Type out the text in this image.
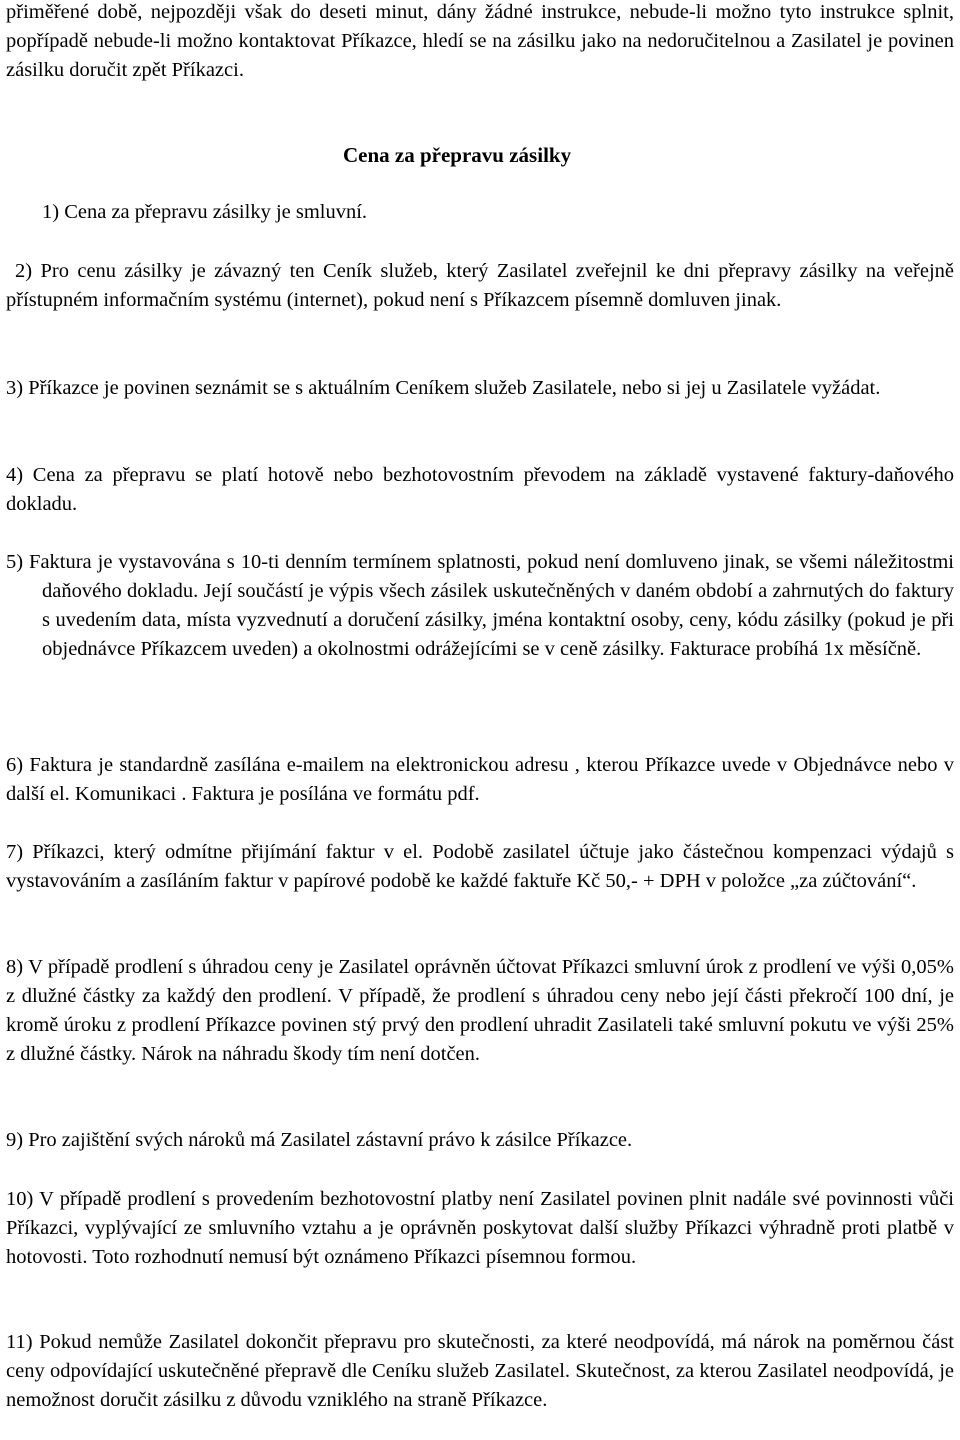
přiměřené době, nejpozději však do deseti minut, dány žádné instrukce, nebude-li možno tyto instrukce splnit, popřípadě nebude-li možno kontaktovat Příkazce, hledí se na zásilku jako na nedoručitelnou a Zasilatel je povinen zásilku doručit zpět Příkazci.

Cena za přepravu zásilky

1) Cena za přepravu zásilky je smluvní.

2) Pro cenu zásilky je závazný ten Ceník služeb, který Zasilatel zveřejnil ke dni přepravy zásilky na veřejně přístupném informačním systému (internet), pokud není s Příkazcem písemně domluven jinak.

3) Příkazce je povinen seznámit se s aktuálním Ceníkem služeb Zasilatele, nebo si jej u Zasilatele vyžádat.

4) Cena za přepravu se platí hotově nebo bezhotovostním převodem na základě vystavené faktury-daňového dokladu.

5) Faktura je vystavována s 10-ti denním termínem splatnosti, pokud není domluveno jinak, se všemi náležitostmi daňového dokladu. Její součástí je výpis všech zásilek uskutečněných v daném období a zahrnutých do faktury s uvedením data, místa vyzvednutí a doručení zásilky, jména kontaktní osoby, ceny, kódu zásilky (pokud je při objednávce Příkazcem uveden) a okolnostmi odrážejícími se v ceně zásilky. Fakturace probíhá 1x měsíčně.

6) Faktura je standardně zasílána e-mailem na elektronickou adresu , kterou Příkazce uvede v Objednávce nebo v další el. Komunikaci . Faktura je posílána ve formátu pdf.

7) Příkazci, který odmítne přijímání faktur v el. Podobě zasilatel účtuje jako částečnou kompenzaci výdajů s vystavováním a zasíláním faktur v papírové podobě ke každé faktuře Kč 50,- + DPH v položce „za zúčtování“.

8) V případě prodlení s úhradou ceny je Zasilatel oprávněn účtovat Příkazci smluvní úrok z prodlení ve výši 0,05% z dlužné částky za každý den prodlení. V případě, že prodlení s úhradou ceny nebo její části překročí 100 dní, je kromě úroku z prodlení Příkazce povinen stý prvý den prodlení uhradit Zasilateli také smluvní pokutu ve výši 25% z dlužné částky. Nárok na náhradu škody tím není dotčen.

9) Pro zajištění svých nároků má Zasilatel zástavní právo k zásilce Příkazce.

10) V případě prodlení s provedením bezhotovostní platby není Zasilatel povinen plnit nadále své povinnosti vůči Příkazci, vyplývající ze smluvního vztahu a je oprávněn poskytovat další služby Příkazci výhradně proti platbě v hotovosti. Toto rozhodnutí nemusí být oznámeno Příkazci písemnou formou.

11) Pokud nemůže Zasilatel dokončit přepravu pro skutečnosti, za které neodpovídá, má nárok na poměrnou část ceny odpovídající uskutečněné přepravě dle Ceníku služeb Zasilatel. Skutečnost, za kterou Zasilatel neodpovídá, je nemožnost doručit zásilku z důvodu vzniklého na straně Příkazce.
